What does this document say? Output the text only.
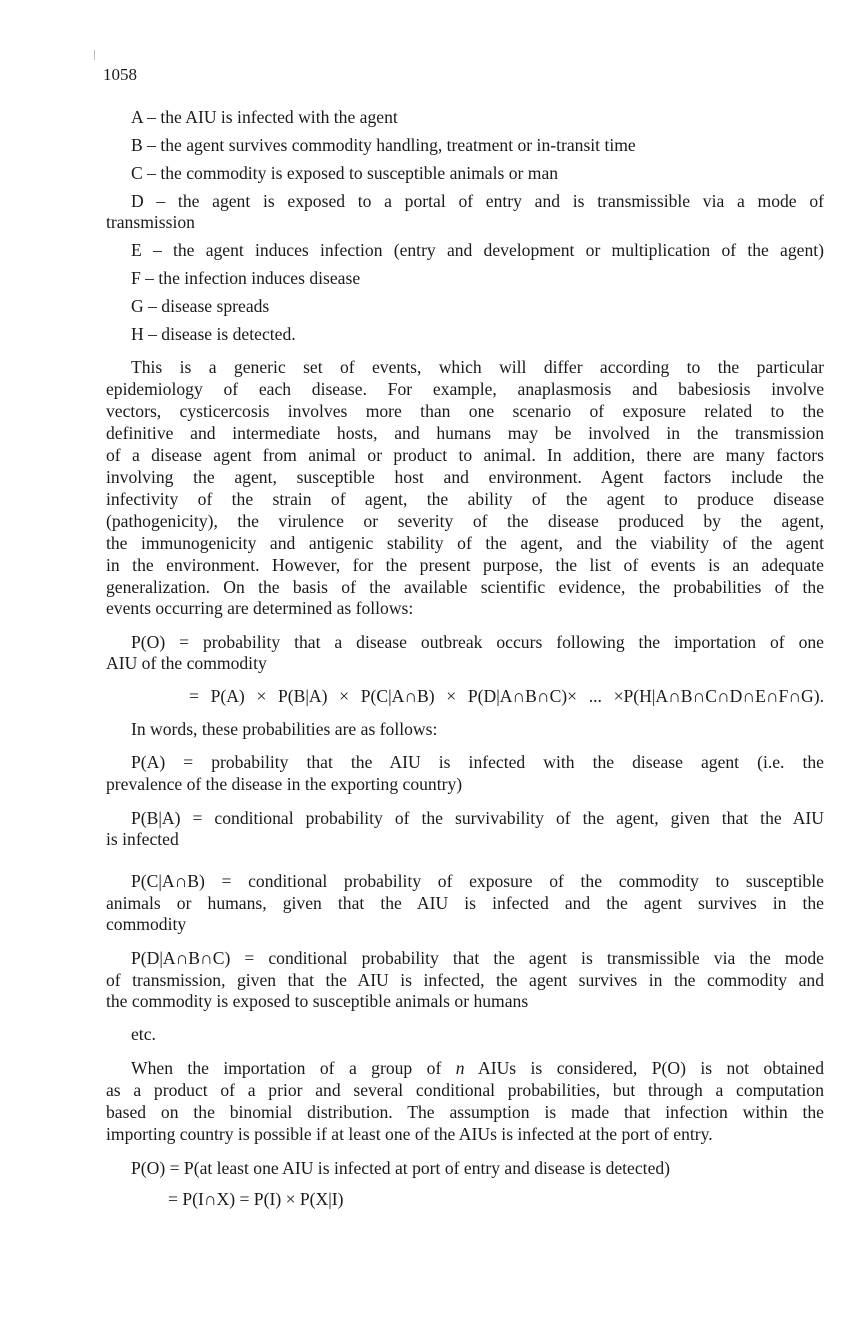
1058
A – the AIU is infected with the agent
B – the agent survives commodity handling, treatment or in-transit time
C – the commodity is exposed to susceptible animals or man
D – the agent is exposed to a portal of entry and is transmissible via a mode of
transmission
E – the agent induces infection (entry and development or multiplication of the agent)
F – the infection induces disease
G – disease spreads
H – disease is detected.
This is a generic set of events, which will differ according to the particular
epidemiology of each disease. For example, anaplasmosis and babesiosis involve
vectors, cysticercosis involves more than one scenario of exposure related to the
definitive and intermediate hosts, and humans may be involved in the transmission
of a disease agent from animal or product to animal. In addition, there are many factors
involving the agent, susceptible host and environment. Agent factors include the
infectivity of the strain of agent, the ability of the agent to produce disease
(pathogenicity), the virulence or severity of the disease produced by the agent,
the immunogenicity and antigenic stability of the agent, and the viability of the agent
in the environment. However, for the present purpose, the list of events is an adequate
generalization. On the basis of the available scientific evidence, the probabilities of the
events occurring are determined as follows:
P(O) = probability that a disease outbreak occurs following the importation of one
AIU of the commodity
= P(A) × P(B|A) × P(C|A∩B) × P(D|A∩B∩C)× ... ×P(H|A∩B∩C∩D∩E∩F∩G).
In words, these probabilities are as follows:
P(A) = probability that the AIU is infected with the disease agent (i.e. the
prevalence of the disease in the exporting country)
P(B|A) = conditional probability of the survivability of the agent, given that the AIU
is infected
P(C|A∩B) = conditional probability of exposure of the commodity to susceptible
animals or humans, given that the AIU is infected and the agent survives in the
commodity
P(D|A∩B∩C) = conditional probability that the agent is transmissible via the mode
of transmission, given that the AIU is infected, the agent survives in the commodity and
the commodity is exposed to susceptible animals or humans
etc.
When the importation of a group of n AIUs is considered, P(O) is not obtained
as a product of a prior and several conditional probabilities, but through a computation
based on the binomial distribution. The assumption is made that infection within the
importing country is possible if at least one of the AIUs is infected at the port of entry.
P(O) = P(at least one AIU is infected at port of entry and disease is detected)
= P(I∩X) = P(I) × P(X|I)
